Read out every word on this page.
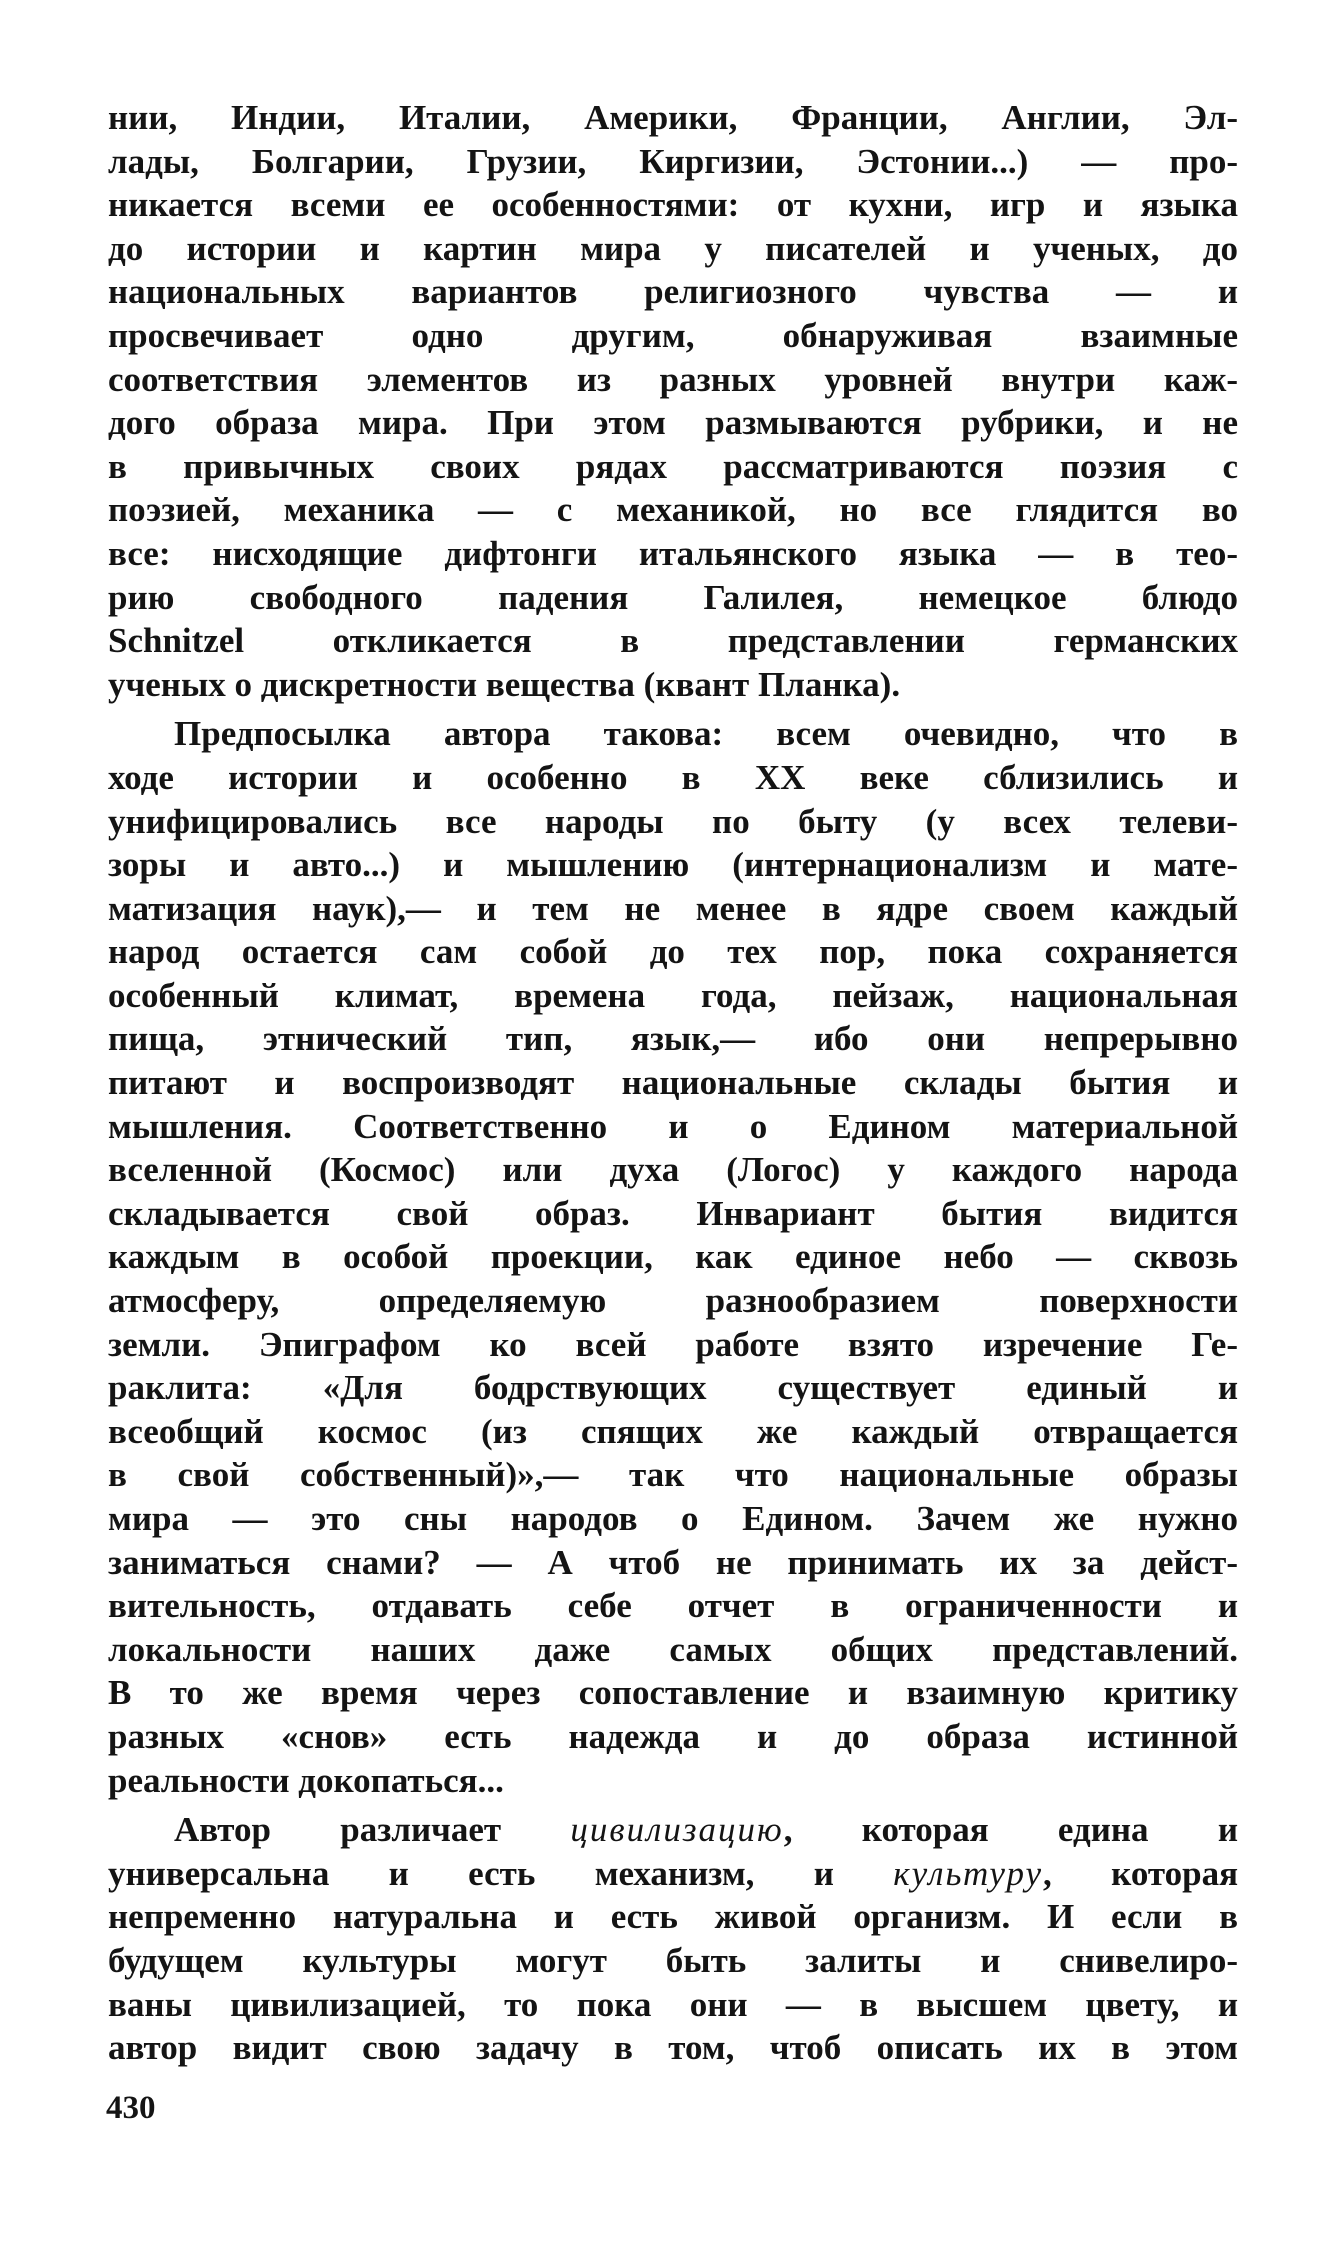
нии, Индии, Италии, Америки, Франции, Англии, Эл-
лады, Болгарии, Грузии, Киргизии, Эстонии...) — про-
никается всеми ее особенностями: от кухни, игр и языка
до истории и картин мира у писателей и ученых, до
национальных вариантов религиозного чувства — и
просвечивает одно другим, обнаруживая взаимные
соответствия элементов из разных уровней внутри каж-
дого образа мира. При этом размываются рубрики, и не
в привычных своих рядах рассматриваются поэзия с
поэзией, механика — с механикой, но все глядится во
все: нисходящие дифтонги итальянского языка — в тео-
рию свободного падения Галилея, немецкое блюдо
Schnitzel откликается в представлении германских
ученых о дискретности вещества (квант Планка).
Предпосылка автора такова: всем очевидно, что в
ходе истории и особенно в XX веке сблизились и
унифицировались все народы по быту (у всех телеви-
зоры и авто...) и мышлению (интернационализм и мате-
матизация наук),— и тем не менее в ядре своем каждый
народ остается сам собой до тех пор, пока сохраняется
особенный климат, времена года, пейзаж, национальная
пища, этнический тип, язык,— ибо они непрерывно
питают и воспроизводят национальные склады бытия и
мышления. Соответственно и о Едином материальной
вселенной (Космос) или духа (Логос) у каждого народа
складывается свой образ. Инвариант бытия видится
каждым в особой проекции, как единое небо — сквозь
атмосферу, определяемую разнообразием поверхности
земли. Эпиграфом ко всей работе взято изречение Ге-
раклита: «Для бодрствующих существует единый и
всеобщий космос (из спящих же каждый отвращается
в свой собственный)»,— так что национальные образы
мира — это сны народов о Едином. Зачем же нужно
заниматься снами? — А чтоб не принимать их за дейст-
вительность, отдавать себе отчет в ограниченности и
локальности наших даже самых общих представлений.
В то же время через сопоставление и взаимную критику
разных «снов» есть надежда и до образа истинной
реальности докопаться...
Автор различает цивилизацию, которая едина и
универсальна и есть механизм, и культуру, которая
непременно натуральна и есть живой организм. И если в
будущем культуры могут быть залиты и снивелиро-
ваны цивилизацией, то пока они — в высшем цвету, и
автор видит свою задачу в том, чтоб описать их в этом
430
